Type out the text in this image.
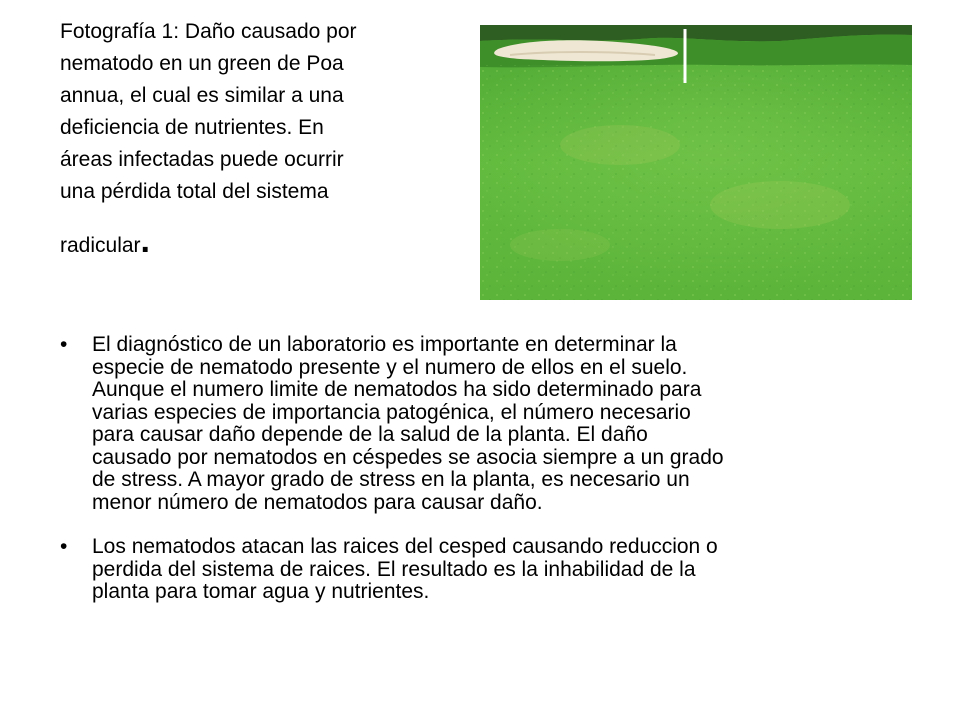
Fotografía 1: Daño causado por
nematodo en un green de Poa
annua, el cual es similar a una
deficiencia de nutrientes. En
áreas infectadas puede ocurrir
una pérdida total del sistema
radicular.
• El diagnóstico de un laboratorio es importante en determinar la
especie de nematodo presente y el numero de ellos en el suelo.
Aunque el numero limite de nematodos ha sido determinado para
varias especies de importancia patogénica, el número necesario
para causar daño depende de la salud de la planta. El daño
causado por nematodos en céspedes se asocia siempre a un grado
de stress. A mayor grado de stress en la planta, es necesario un
menor número de nematodos para causar daño.
• Los nematodos atacan las raices del cesped causando reduccion o
perdida del sistema de raices. El resultado es la inhabilidad de la
planta para tomar agua y nutrientes.
